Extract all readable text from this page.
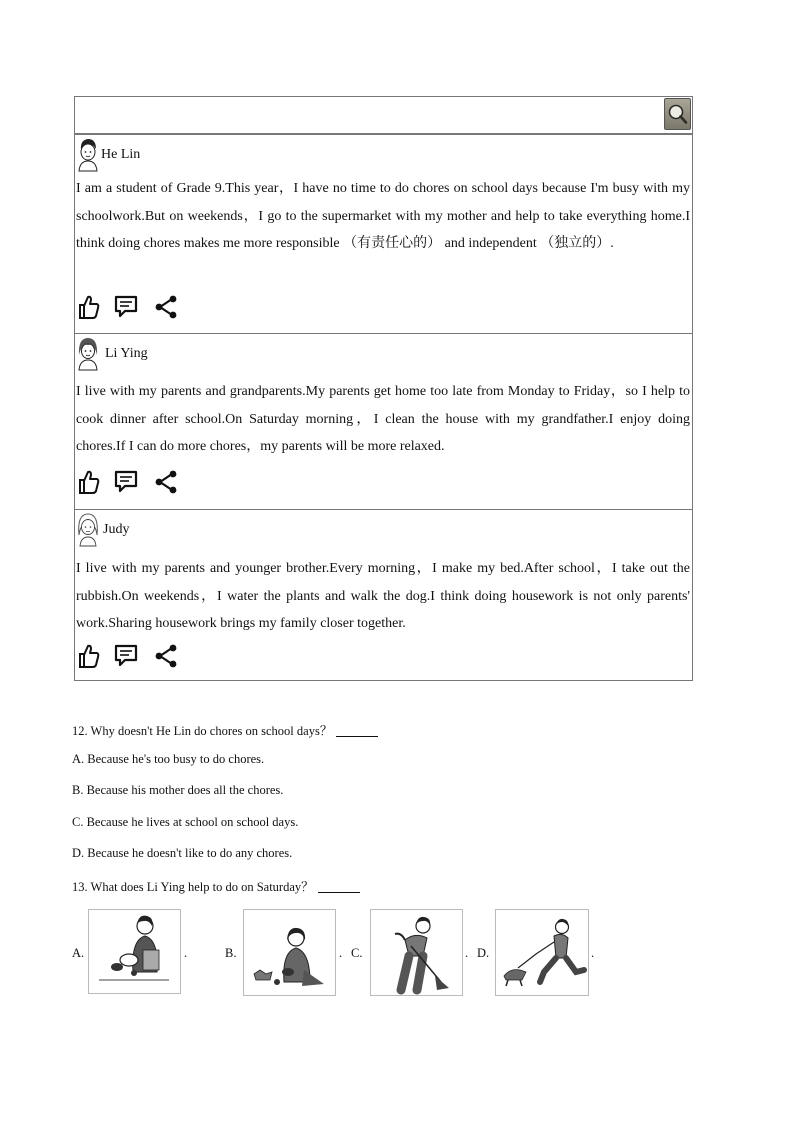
He Lin

I am a student of Grade 9.This year，I have no time to do chores on school days because I'm busy with my schoolwork.But on weekends，I go to the supermarket with my mother and help to take everything home.I think doing chores makes me more responsible （有责任心的） and independent （独立的）.

Li Ying

I live with my parents and grandparents.My parents get home too late from Monday to Friday，so I help to cook dinner after school.On Saturday morning，I clean the house with my grandfather.I enjoy doing chores.If I can do more chores，my parents will be more relaxed.

Judy

I live with my parents and younger brother.Every morning，I make my bed.After school，I take out the rubbish.On weekends，I water the plants and walk the dog.I think doing housework is not only parents' work.Sharing housework brings my family closer together.

12. Why doesn't He Lin do chores on school days？
A. Because he's too busy to do chores.
B. Because his mother does all the chores.
C. Because he lives at school on school days.
D. Because he doesn't like to do any chores.
13. What does Li Ying help to do on Saturday？
A.	.	B.	. C.	. D.	.
